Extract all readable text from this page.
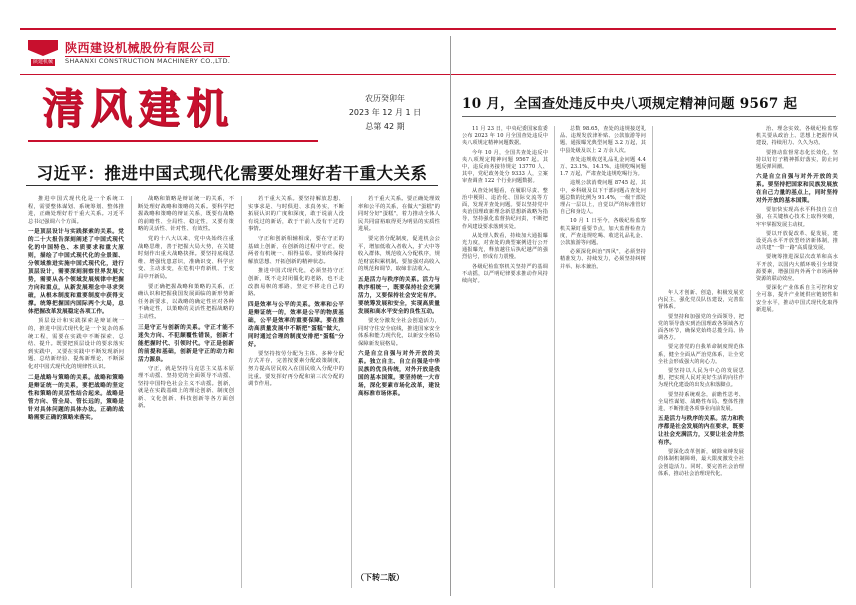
陕建机械
陕西建设机械股份有限公司
SHAANXI CONSTRUCTION MACHINERY CO.,LTD.
清风建机	农历癸卯年
2023 年 12 月 1 日
总第 42 期
习近平：推进中国式现代化需要处理好若干重大关系

推进中国式现代化是一个系统工程，需要整体谋划、系统筹划、整体推进，正确处理好若干重大关系。习近平总书记强调六个方面。

一是顶层设计与实践探索的关系。党的二十大报告深刻阐述了中国式现代化的中国特色、本质要求和重大原则，描绘了中国式现代化的全景图、分领域推进实施中国式现代化，进行顶层设计，需要深刻洞察世界发展大势，需要从各个领域发展规律中把握方向和重点，从新发展理念中寻求突破，从根本制度和重要制度中获得支撑。统筹把握国内国际两个大局，总体把握改革发展稳定各项工作。

顶层设计和实践探索是辩证统一的，推进中国式现代化是一个复杂的系统工程，需要在实践中不断探索、总结、提升。既要把顶层设计的要求落实到实践中，又要在实践中不断发现新问题、总结新经验、提炼新理论，不断深化对中国式现代化的规律性认识。

二是战略与策略的关系。战略和策略是辩证统一的关系，要把战略的坚定性和策略的灵活性结合起来。战略是管方向、管全局、管长远的，策略是针对具体问题的具体办法。正确的战略需要正确的策略来落实。

战略和策略是辩证统一的关系，不断处理好战略和策略的关系。要科学把握战略和策略的辩证关系，既要有战略的前瞻性、全局性、稳定性，又要有策略的灵活性、针对性、有效性。

党的十八大以来，党中央始终注重战略思维，善于把握大局大势，在关键时刻作出重大战略抉择。要坚持底线思维、增强忧患意识，准确识变、科学应变、主动求变，在危机中育新机、于变局中开新局。

要正确把握战略和策略的关系，正确认识和把握我国发展面临的新形势新任务新要求，以战略的确定性应对各种不确定性，以策略的灵活性把握战略的主动性。

三是守正与创新的关系。守正才能不迷失方向、不犯颠覆性错误，创新才能把握时代、引领时代。守正是创新的前提和基础，创新是守正的动力和活力源泉。

守正，就是坚持马克思主义基本原理不动摇、坚持党的全面领导不动摇、坚持中国特色社会主义不动摇。创新，就是在实践基础上的理论创新、制度创新、文化创新、科技创新等各方面创新。

若干重大关系。要坚持解放思想、实事求是、与时俱进、求真务实，不断拓展认识的广度和深度，敢于说前人没有说过的新话，敢于干前人没有干过的事情。

守正和创新相辅相成，要在守正的基础上创新，在创新的过程中守正，使两者有机统一、相得益彰。要始终保持解放思想、开拓创新的精神状态。

推进中国式现代化，必须坚持守正创新，既不走封闭僵化的老路，也不走改旗易帜的邪路，坚定不移走自己的路。

四是效率与公平的关系。效率和公平是辩证统一的，效率是公平的物质基础，公平是效率的重要保障。要在推动高质量发展中不断把"蛋糕"做大，同时通过合理的制度安排把"蛋糕"分好。

要坚持按劳分配为主体、多种分配方式并存，完善按要素分配政策制度，努力提高居民收入在国民收入分配中的比重。要发挥好再分配和第三次分配的调节作用。

若干重大关系。要正确处理效率和公平的关系，在做大"蛋糕"的同时分好"蛋糕"，着力推动全体人民共同富裕取得更为明显的实质性进展。

要完善分配制度，促进机会公平，增加低收入者收入，扩大中等收入群体，规范收入分配秩序，规范财富积累机制。要加强对高收入的规范和调节，取缔非法收入。

五是活力与秩序的关系。活力与秩序相统一，既要保持社会充满活力，又要保持社会安定有序。要统筹发展和安全，实现高质量发展和高水平安全的良性互动。

要充分激发全社会创造活力，同时守住安全底线，推进国家安全体系和能力现代化，以新安全格局保障新发展格局。

六是自立自强与对外开放的关系。独立自主、自立自强是中华民族的优良传统，对外开放是我国的基本国策。要坚持统一大市场，深化要素市场化改革，建设高标准市场体系。

（下转二版）
10 月，全国查处违反中央八项规定精神问题 9567 起

11 月 23 日，中央纪委国家监委公布 2023 年 10 月全国查处违反中央八项规定精神问题数据。

今年 10 月，全国共查处违反中央八项规定精神问题 9567 起。其中，违反商务接待规定 13770 人、其中，党纪政务处分 9333 人，立案审查调查 122 个行业问题数据。

从查处问题看，在履职尽责、整治中梗阻、违治化、国际交流等方面，发现并查处问题。要以坚持党中央治国理政新理念新思想新战略为指导，坚持强化监督执纪问责，不断把作风建设要求落到实处。

从处理人数看，持续加大通报曝光力度，对查处的典型案例进行公开通报曝光，释放越往后执纪越严的强烈信号，形成有力震慢。

各级纪检监察机关坚持严的基调不动摇，以严明纪律要求推动作风持续向好。

总数 98.65，查处的违规接送礼品、违规发放津补贴、公款旅游等问题，通报曝光典型问题 3.2 万起，其中县处级及以上 2 万余人次。

查处违规收送礼品礼金问题 4.4 万、23.1%、14.1%、违规吃喝问题 1.7 万起，严肃查处违规吃喝行为。

违规公款消费问题 8745 起，其中，乡科级及以下干部问题占查处问题总数的比例为 91.4%，一级干部处理占一层以上，自觉以严的标准管好自己和身边人。

10 月 1 日至今，各级纪检监察机关紧盯重要节点，加大监督检查力度，严查违规吃喝、收送礼品礼金、公款旅游等问题。

必须深化纠治"四风"，必须坚持精准发力、持续发力，必须坚持纠树并举、标本兼治。

年人才创新、创造，积极发展党内民主，强化党员队伍建设，完善监督体系。

要坚持和加强党的全面领导，把党的领导落实到治国理政各领域各方面各环节，确保党始终总揽全局、协调各方。

要完善党的自我革命制度规范体系，健全全面从严治党体系，让全党全社会形成强大的向心力。

要坚持以人民为中心的发展思想，把实现人民对美好生活的向往作为现代化建设的出发点和落脚点。

要坚持系统观念，前瞻性思考、全局性谋划、战略性布局、整体性推进，不断推进各项事业向前发展。

五是活力与秩序的关系。活力和秩序都是社会发展的内在要求，既要让社会充满活力，又要让社会井然有序。

要深化改革创新，破除束缚发展的体制机制障碍，最大限度激发全社会创造活力。同时，要完善社会治理体系，推动社会治理现代化。

治、理念实效。各级纪检监察机关要从政治上、思想上把握作风建设，持续用力、久久为功。

要推动监督常态化长效化，坚持以钉钉子精神抓好落实，防止问题反弹回潮。

六是自立自强与对外开放的关系。要坚持把国家和民族发展放在自己力量的基点上，同时坚持对外开放的基本国策。

要加快实现高水平科技自立自强，在关键核心技术上取得突破，牢牢掌握发展主动权。

要以开放促改革、促发展，建设更高水平开放型经济新体制，推动共建"一带一路"高质量发展。

要统筹推进深层次改革和高水平开放，以国内大循环吸引全球资源要素，增强国内外两个市场两种资源的联动效应。

要深化产业体系自主可控和安全可靠，提升产业链供应链韧性和安全水平，推动中国式现代化取得新进展。
